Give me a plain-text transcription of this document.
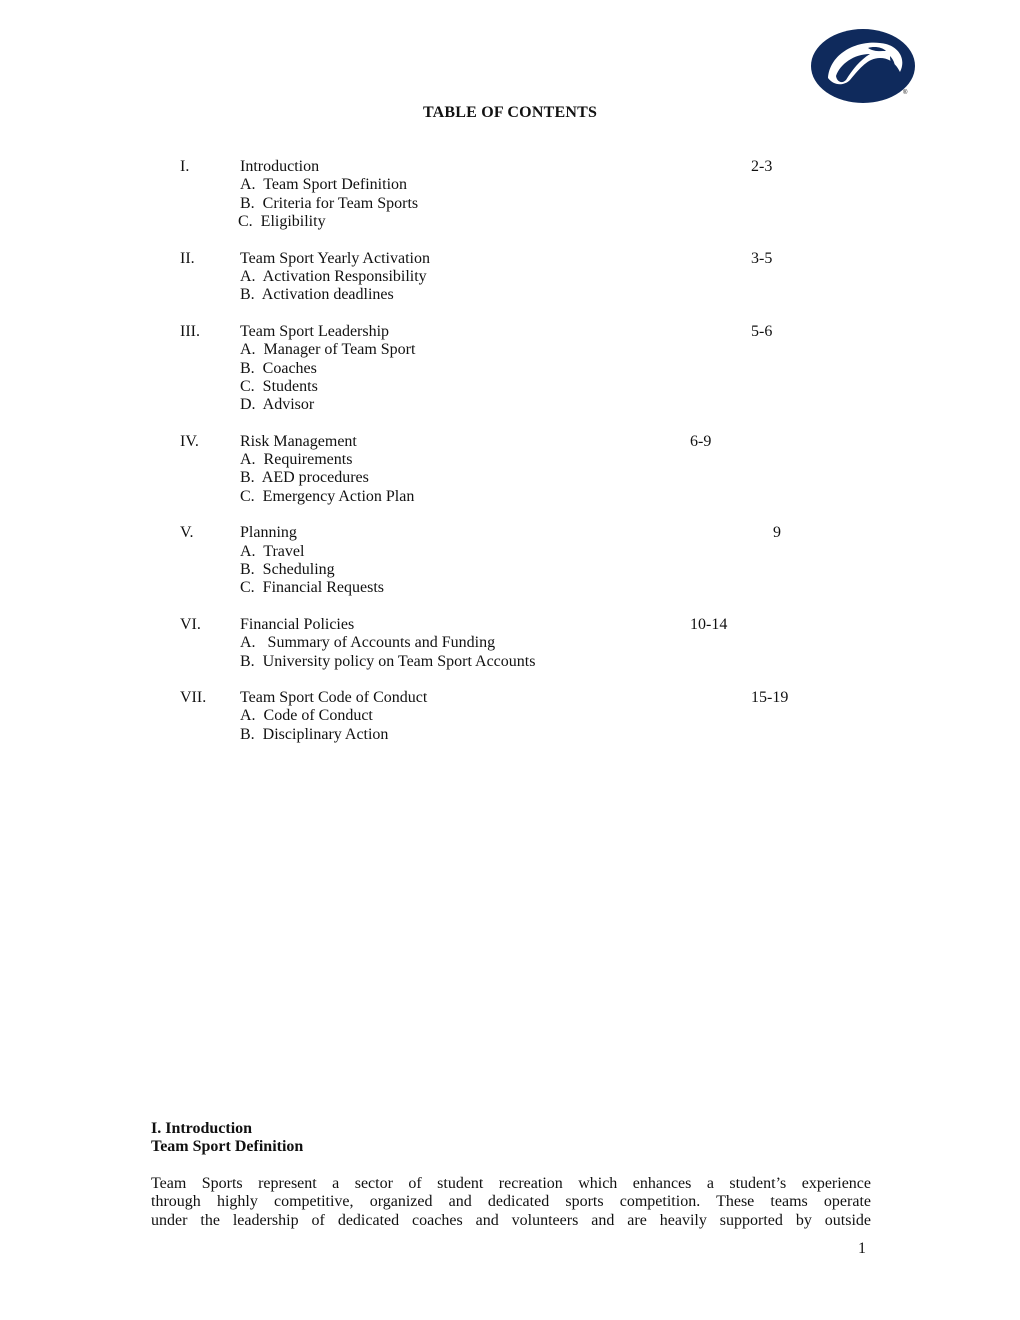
®
TABLE OF CONTENTS
I.	Introduction	2-3
A.  Team Sport Definition
B.  Criteria for Team Sports
C.  Eligibility
II.	Team Sport Yearly Activation	3-5
A.  Activation Responsibility
B.  Activation deadlines
III.	Team Sport Leadership	5-6
A.  Manager of Team Sport
B.  Coaches
C.  Students
D.  Advisor
IV.	Risk Management	6-9
A.  Requirements
B.  AED procedures
C.  Emergency Action Plan
V.	Planning	9
A.  Travel
B.  Scheduling
C.  Financial Requests
VI. Financial Policies	10-14
A.   Summary of Accounts and Funding
B.  University policy on Team Sport Accounts
VII. Team Sport Code of Conduct	15-19
A.  Code of Conduct
B.  Disciplinary Action
I. Introduction
Team Sport Definition
Team Sports represent a sector of student recreation which enhances a student’s experience
through highly competitive, organized and dedicated sports competition. These teams operate
under the leadership of dedicated coaches and volunteers and are heavily supported by outside
1
